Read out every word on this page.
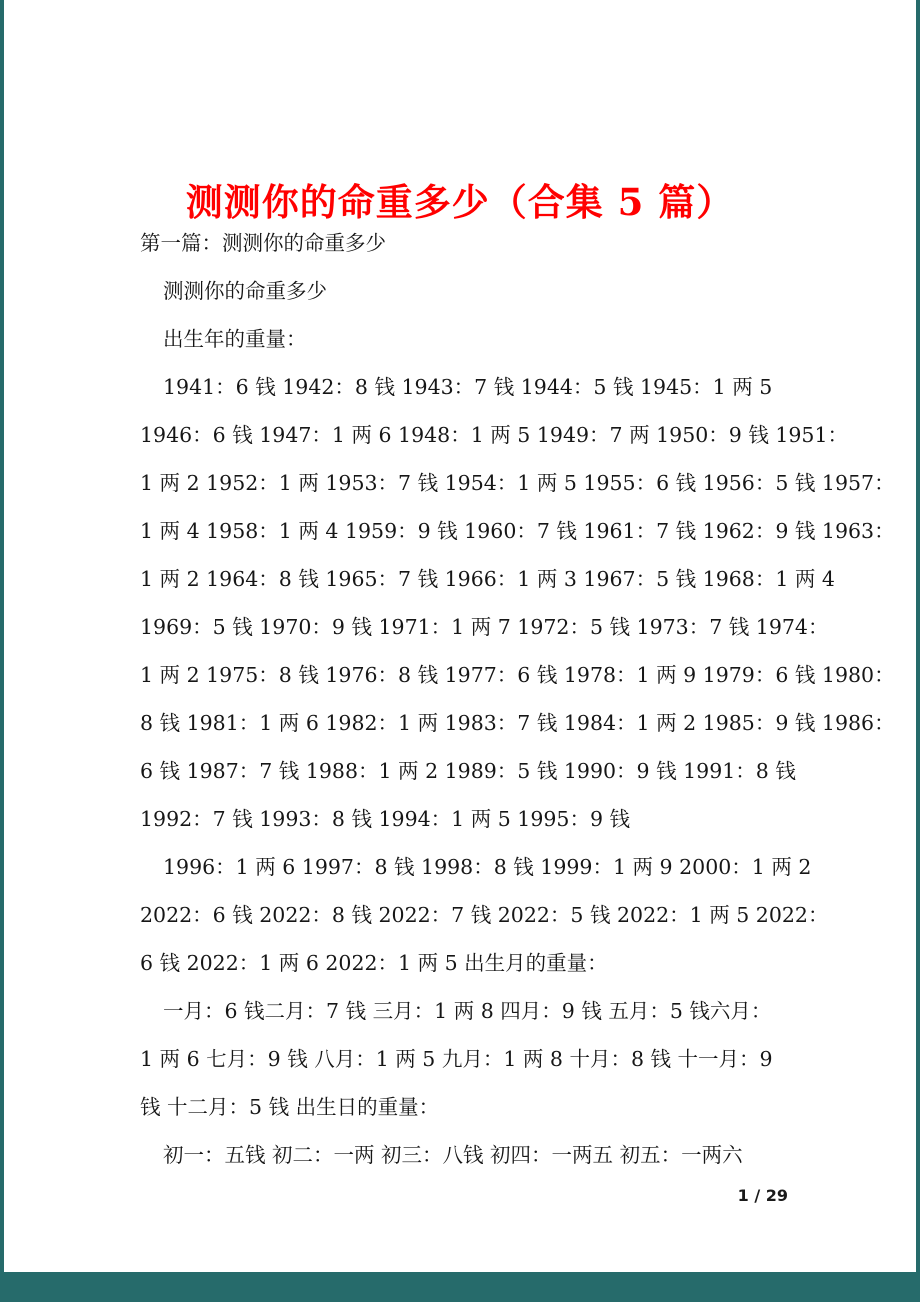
测测你的命重多少（合集 5 篇）
第一篇：测测你的命重多少
测测你的命重多少
出生年的重量：
1941：6 钱 1942：8 钱 1943：7 钱 1944：5 钱 1945：1 两 5
1946：6 钱 1947：1 两 6 1948：1 两 5 1949：7 两 1950：9 钱 1951：
1 两 2 1952：1 两 1953：7 钱 1954：1 两 5 1955：6 钱 1956：5 钱 1957：
1 两 4 1958：1 两 4 1959：9 钱 1960：7 钱 1961：7 钱 1962：9 钱 1963：
1 两 2 1964：8 钱 1965：7 钱 1966：1 两 3 1967：5 钱 1968：1 两 4
1969：5 钱 1970：9 钱 1971：1 两 7 1972：5 钱 1973：7 钱 1974：
1 两 2 1975：8 钱 1976：8 钱 1977：6 钱 1978：1 两 9 1979：6 钱 1980：
8 钱 1981：1 两 6 1982：1 两 1983：7 钱 1984：1 两 2 1985：9 钱 1986：
6 钱 1987：7 钱 1988：1 两 2 1989：5 钱 1990：9 钱 1991：8 钱
1992：7 钱 1993：8 钱 1994：1 两 5 1995：9 钱
1996：1 两 6 1997：8 钱 1998：8 钱 1999：1 两 9 2000：1 两 2
2022：6 钱 2022：8 钱 2022：7 钱 2022：5 钱 2022：1 两 5 2022：
6 钱 2022：1 两 6 2022：1 两 5 出生月的重量：
一月：6 钱二月：7 钱 三月：1 两 8 四月：9 钱 五月：5 钱六月：
1 两 6 七月：9 钱 八月：1 两 5 九月：1 两 8 十月：8 钱 十一月：9
钱 十二月：5 钱 出生日的重量：
初一：五钱 初二：一两 初三：八钱 初四：一两五 初五：一两六
1 / 29
